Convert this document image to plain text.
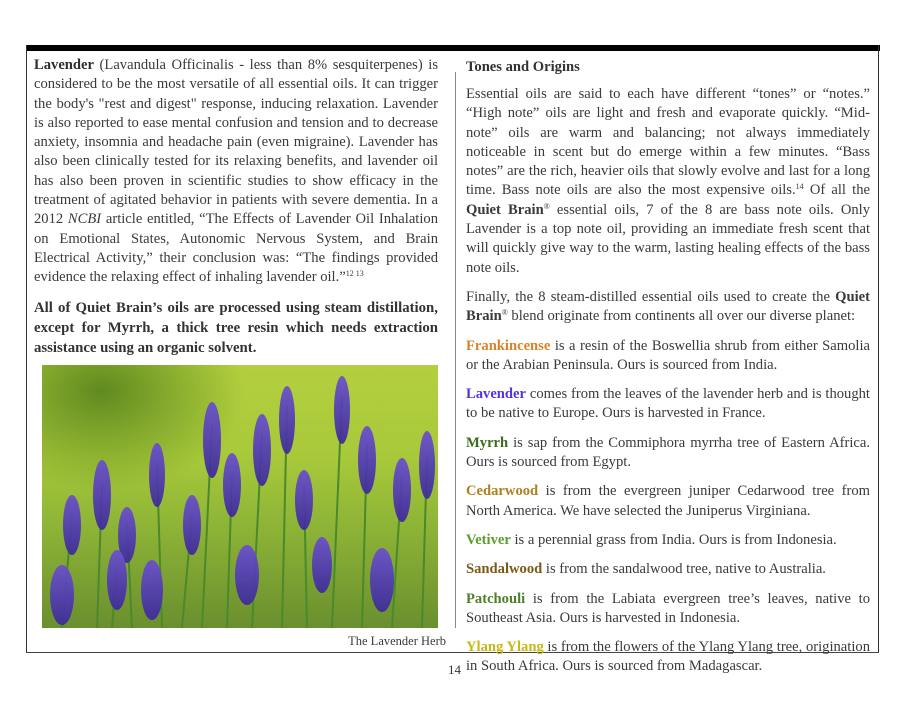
Lavender (Lavandula Officinalis - less than 8% sesquiterpenes) is considered to be the most versatile of all essential oils. It can trigger the body's "rest and digest" response, inducing relaxation. Lavender is also reported to ease mental confusion and tension and to decrease anxiety, insomnia and headache pain (even migraine). Lavender has also been clinically tested for its relaxing benefits, and lavender oil has also been proven in scientific studies to show efficacy in the treatment of agitated behavior in patients with severe dementia. In a 2012 NCBI article entitled, “The Effects of Lavender Oil Inhalation on Emotional States, Autonomic Nervous System, and Brain Electrical Activity,” their conclusion was: “The findings provided evidence the relaxing effect of inhaling lavender oil.”$^{12 13}$

All of Quiet Brain’s oils are processed using steam distillation, except for Myrrh, a thick tree resin which needs extraction assistance using an organic solvent.

The Lavender Herb
Tones and Origins

Essential oils are said to each have different “tones” or “notes.” “High note” oils are light and fresh and evaporate quickly. “Mid-note” oils are warm and balancing; not always immediately noticeable in scent but do emerge within a few minutes. “Bass notes” are the rich, heavier oils that slowly evolve and last for a long time. Bass note oils are also the most expensive oils.$^{14}$ Of all the Quiet Brain® essential oils, 7 of the 8 are bass note oils. Only Lavender is a top note oil, providing an immediate fresh scent that will quickly give way to the warm, lasting healing effects of the bass note oils.

Finally, the 8 steam-distilled essential oils used to create the Quiet Brain® blend originate from continents all over our diverse planet:

Frankincense is a resin of the Boswellia shrub from either Samolia or the Arabian Peninsula. Ours is sourced from India.

Lavender comes from the leaves of the lavender herb and is thought to be native to Europe. Ours is harvested in France.

Myrrh is sap from the Commiphora myrrha tree of Eastern Africa. Ours is sourced from Egypt.

Cedarwood is from the evergreen juniper Cedarwood tree from North America. We have selected the Juniperus Virginiana.

Vetiver is a perennial grass from India. Ours is from Indonesia.

Sandalwood is from the sandalwood tree, native to Australia.

Patchouli is from the Labiata evergreen tree’s leaves, native to Southeast Asia. Ours is harvested in Indonesia.

Ylang Ylang is from the flowers of the Ylang Ylang tree, origination in South Africa. Ours is sourced from Madagascar.

14
